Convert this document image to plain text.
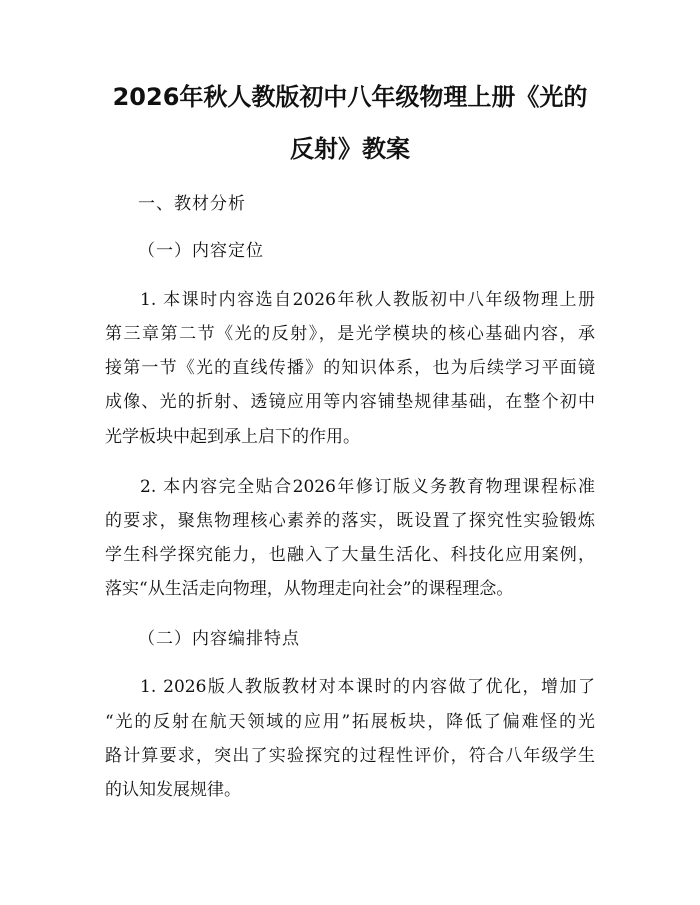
2026年秋人教版初中八年级物理上册《光的
反射》教案
一、教材分析
（一）内容定位
1. 本课时内容选自2026年秋人教版初中八年级物理上册
第三章第二节《光的反射》，是光学模块的核心基础内容，承
接第一节《光的直线传播》的知识体系，也为后续学习平面镜
成像、光的折射、透镜应用等内容铺垫规律基础，在整个初中
光学板块中起到承上启下的作用。
2. 本内容完全贴合2026年修订版义务教育物理课程标准
的要求，聚焦物理核心素养的落实，既设置了探究性实验锻炼
学生科学探究能力，也融入了大量生活化、科技化应用案例，
落实“从生活走向物理，从物理走向社会”的课程理念。
（二）内容编排特点
1. 2026版人教版教材对本课时的内容做了优化，增加了
“光的反射在航天领域的应用”拓展板块，降低了偏难怪的光
路计算要求，突出了实验探究的过程性评价，符合八年级学生
的认知发展规律。
